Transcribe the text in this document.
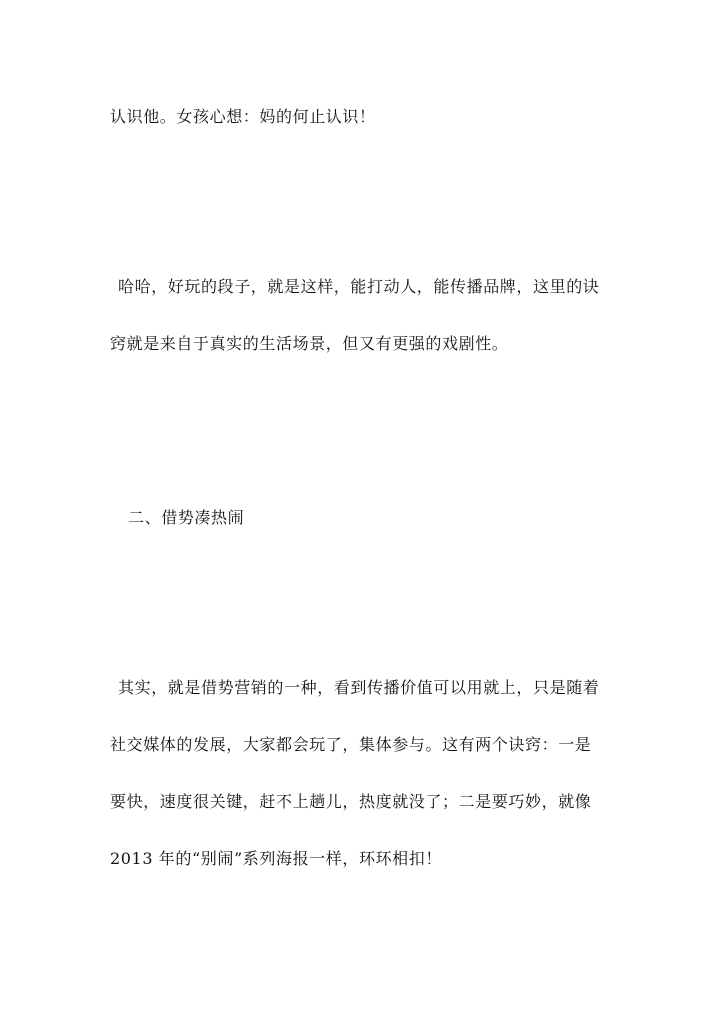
认识他。女孩心想：妈的何止认识！
哈哈，好玩的段子，就是这样，能打动人，能传播品牌，这里的诀
窍就是来自于真实的生活场景，但又有更强的戏剧性。
二、借势凑热闹
其实，就是借势营销的一种，看到传播价值可以用就上，只是随着
社交媒体的发展，大家都会玩了，集体参与。这有两个诀窍：一是
要快，速度很关键，赶不上趟儿，热度就没了；二是要巧妙，就像
2013 年的“别闹”系列海报一样，环环相扣！
